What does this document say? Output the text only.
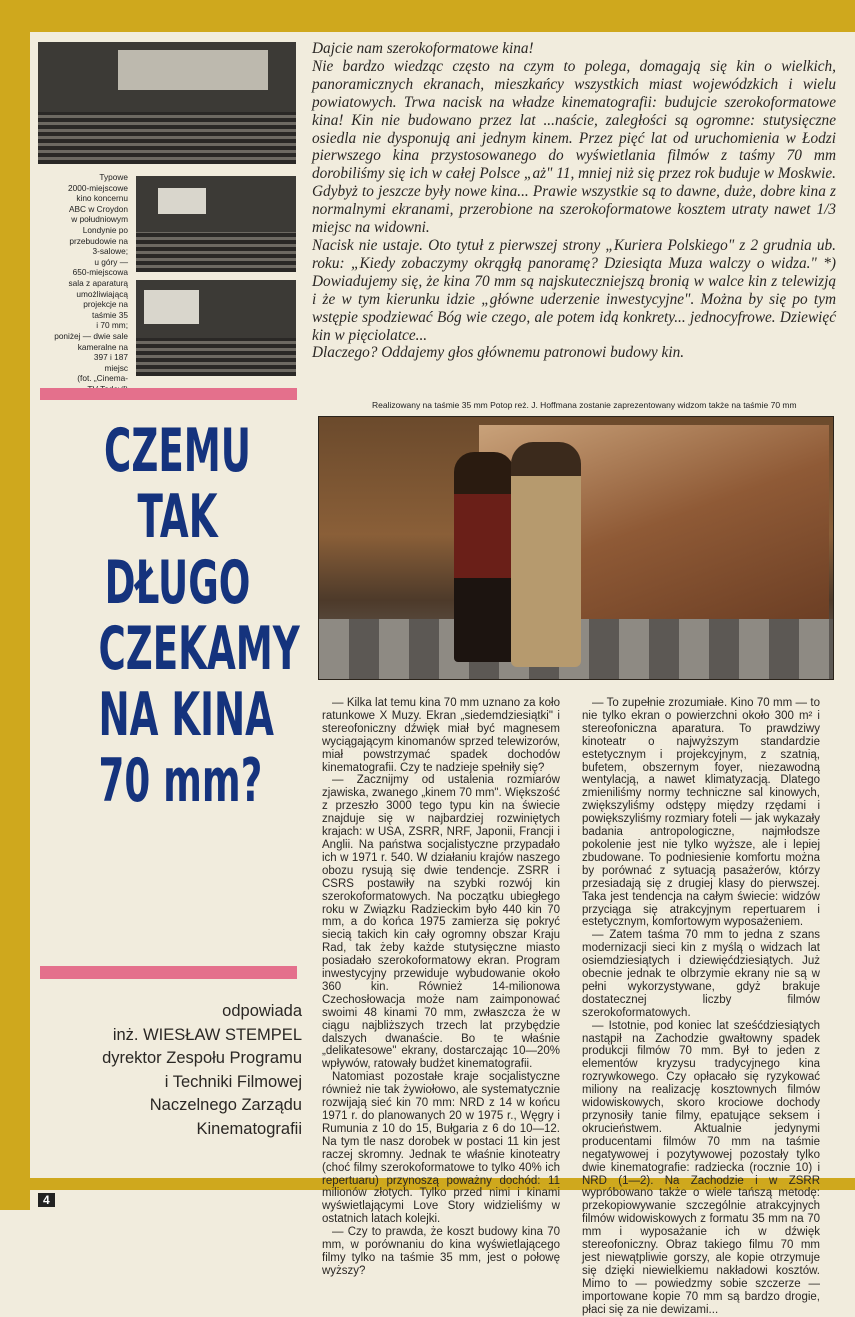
4
Typowe
2000-miejscowe
kino koncernu
ABC w Croydon
w południowym
Londynie po
przebudowie na
3-salowe;
u góry —
650-miejscowa
sala z aparaturą
umożliwiającą
projekcje na
taśmie 35
i 70 mm;
poniżej — dwie sale
kameralne na
397 i 187
miejsc
(fot. „Cinema-

Dajcie nam szerokoformatowe kina!

Nie bardzo wiedząc często na czym to polega, domagają się kin o wielkich, panoramicznych ekranach, mieszkańcy wszystkich miast wojewódzkich i wielu powiatowych. Trwa nacisk na władze kinematografii: budujcie szerokoformatowe kina! Kin nie budowano przez lat ...naście, zaległości są ogromne: stutysięczne osiedla nie dysponują ani jednym kinem. Przez pięć lat od uruchomienia w Łodzi pierwszego kina przystosowanego do wyświetlania filmów z taśmy 70 mm dorobiliśmy się ich w całej Polsce „aż" 11, mniej niż się przez rok buduje w Moskwie. Gdybyż to jeszcze były nowe kina... Prawie wszystkie są to dawne, duże, dobre kina z normalnymi ekranami, przerobione na szerokoformatowe kosztem utraty nawet 1/3 miejsc na widowni.

Nacisk nie ustaje. Oto tytuł z pierwszej strony „Kuriera Polskiego" z 2 grudnia ub. roku: „Kiedy zobaczymy okrągłą panoramę? Dziesiąta Muza walczy o widza." *) Dowiadujemy się, że kina 70 mm są najskuteczniejszą bronią w walce kin z telewizją i że w tym kierunku idzie „główne uderzenie inwestycyjne". Można by się po tym wstępie spodziewać Bóg wie czego, ale potem idą konkrety... jednocyfrowe. Dziewięć kin w pięciolatce...

Dlaczego? Oddajemy głos głównemu patronowi budowy kin.

Realizowany na taśmie 35 mm Potop reż. J. Hoffmana zostanie zaprezentowany widzom także na taśmie 70 mm
CZEMU
TAK
DŁUGO
CZEKAMY
NA KINA
70 mm?
odpowiada
inż. WIESŁAW STEMPEL
dyrektor Zespołu Programu
i Techniki Filmowej
Naczelnego Zarządu
Kinematografii

— Kilka lat temu kina 70 mm uznano za koło ratunkowe X Muzy. Ekran „siedemdziesiątki" i stereofoniczny dźwięk miał być magnesem wyciągającym kinomanów sprzed telewizorów, miał powstrzymać spadek dochodów kinematografii. Czy te nadzieje spełniły się?

— Zacznijmy od ustalenia rozmiarów zjawiska, zwanego „kinem 70 mm". Większość z przeszło 3000 tego typu kin na świecie znajduje się w najbardziej rozwiniętych krajach: w USA, ZSRR, NRF, Japonii, Francji i Anglii. Na państwa socjalistyczne przypadało ich w 1971 r. 540. W działaniu krajów naszego obozu rysują się dwie tendencje. ZSRR i CSRS postawiły na szybki rozwój kin szerokoformatowych. Na początku ubiegłego roku w Związku Radzieckim było 440 kin 70 mm, a do końca 1975 zamierza się pokryć siecią takich kin cały ogromny obszar Kraju Rad, tak żeby każde stutysięczne miasto posiadało szerokoformatowy ekran. Program inwestycyjny przewiduje wybudowanie około 360 kin. Również 14-milionowa Czechosłowacja może nam zaimponować swoimi 48 kinami 70 mm, zwłaszcza że w ciągu najbliższych trzech lat przybędzie dalszych dwanaście. Bo te właśnie „delikatesowe" ekrany, dostarczając 10—20% wpływów, ratowały budżet kinematografii.

Natomiast pozostałe kraje socjalistyczne również nie tak żywiołowo, ale systematycznie rozwijają sieć kin 70 mm: NRD z 14 w końcu 1971 r. do planowanych 20 w 1975 r., Węgry i Rumunia z 10 do 15, Bułgaria z 6 do 10—12. Na tym tle nasz dorobek w postaci 11 kin jest raczej skromny. Jednak te właśnie kinoteatry (choć filmy szerokoformatowe to tylko 40% ich repertuaru) przynoszą poważny dochód: 11 milionów złotych. Tylko przed nimi i kinami wyświetlającymi Love Story widzieliśmy w ostatnich latach kolejki.

— Czy to prawda, że koszt budowy kina 70 mm, w porównaniu do kina wyświetlającego filmy tylko na taśmie 35 mm, jest o połowę wyższy?

— To zupełnie zrozumiałe. Kino 70 mm — to nie tylko ekran o powierzchni około 300 m² i stereofoniczna aparatura. To prawdziwy kinoteatr o najwyższym standardzie estetycznym i projekcyjnym, z szatnią, bufetem, obszernym foyer, niezawodną wentylacją, a nawet klimatyzacją. Dlatego zmieniliśmy normy techniczne sal kinowych, zwiększyliśmy odstępy między rzędami i powiększyliśmy rozmiary foteli — jak wykazały badania antropologiczne, najmłodsze pokolenie jest nie tylko wyższe, ale i lepiej zbudowane. To podniesienie komfortu można by porównać z sytuacją pasażerów, którzy przesiadają się z drugiej klasy do pierwszej. Taka jest tendencja na całym świecie: widzów przyciąga się atrakcyjnym repertuarem i estetycznym, komfortowym wyposażeniem.

— Zatem taśma 70 mm to jedna z szans modernizacji sieci kin z myślą o widzach lat osiemdziesiątych i dziewięćdziesiątych. Już obecnie jednak te olbrzymie ekrany nie są w pełni wykorzystywane, gdyż brakuje dostatecznej liczby filmów szerokoformatowych.

— Istotnie, pod koniec lat sześćdziesiątych nastąpił na Zachodzie gwałtowny spadek produkcji filmów 70 mm. Był to jeden z elementów kryzysu tradycyjnego kina rozrywkowego. Czy opłacało się ryzykować miliony na realizację kosztownych filmów widowiskowych, skoro krociowe dochody przynosiły tanie filmy, epatujące seksem i okrucieństwem. Aktualnie jedynymi producentami filmów 70 mm na taśmie negatywowej i pozytywowej pozostały tylko dwie kinematografie: radziecka (rocznie 10) i NRD (1—2). Na Zachodzie i w ZSRR wypróbowano także o wiele tańszą metodę: przekopiowywanie szczególnie atrakcyjnych filmów widowiskowych z formatu 35 mm na 70 mm i wyposażanie ich w dźwięk stereofoniczny. Obraz takiego filmu 70 mm jest niewątpliwie gorszy, ale kopie otrzymuje się dzięki niewielkiemu nakładowi kosztów. Mimo to — powiedzmy sobie szczerze — importowane kopie 70 mm są bardzo drogie, płaci się za nie dewizami...
